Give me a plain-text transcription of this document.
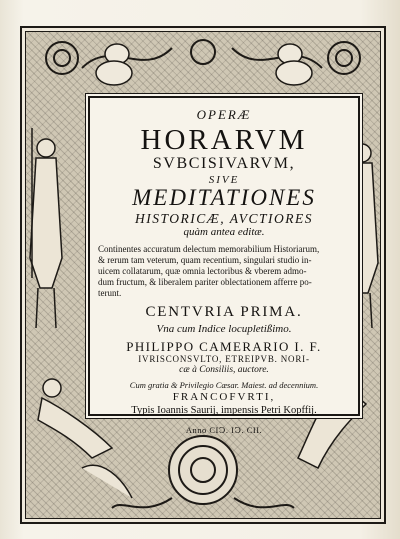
OPERÆ
HORARVM
SVBCISIVARVM,
SIVE
MEDITATIONES
HISTORICÆ, AVCTIORES
quàm antea editæ.
Continentes accuratum delectum memorabilium Historiarum,
& rerum tam veterum, quam recentium, singulari studio in-
uicem collatarum, quæ omnia lectoribus & vberem admo-
dum fructum, & liberalem pariter oblectationem afferre po-
terunt.
CENTVRIA PRIMA.
Vna cum Indice locupletißimo.
PHILIPPO CAMERARIO I. F.
IVRISCONSVLTO, ETREIPVB. NORI-
cæ à Consiliis, auctore.
Cum gratia & Privilegio Cæsar. Maiest. ad decennium.
FRANCOFVRTI,
Typis Ioannis Saurij, impensis Petri Kopffij.
Anno CIↃ. IↃ. CII.
